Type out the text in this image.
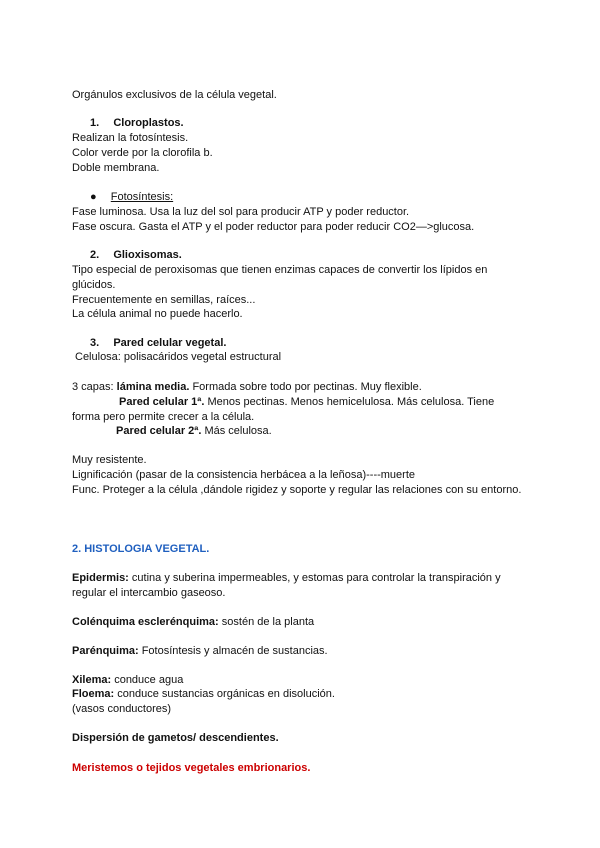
Orgánulos exclusivos de la célula vegetal.
1. Cloroplastos.
Realizan la fotosíntesis.
Color verde por la clorofila b.
Doble membrana.
● Fotosíntesis:
Fase luminosa. Usa la luz del sol para producir ATP y poder reductor.
Fase oscura. Gasta el ATP y el poder reductor para poder reducir CO2—>glucosa.
2. Glioxisomas.
Tipo especial de peroxisomas que tienen enzimas capaces de convertir los lípidos en
glúcidos.
Frecuentemente en semillas, raíces...
La célula animal no puede hacerlo.
3. Pared celular vegetal.
Celulosa: polisacáridos vegetal estructural
3 capas: lámina media. Formada sobre todo por pectinas. Muy flexible.
Pared celular 1ª. Menos pectinas. Menos hemicelulosa. Más celulosa. Tiene
forma pero permite crecer a la célula.
Pared celular 2ª. Más celulosa.
Muy resistente.
Lignificación (pasar de la consistencia herbácea a la leñosa)----muerte
Func. Proteger a la célula ,dándole rigidez y soporte y regular las relaciones con su entorno.
2. HISTOLOGIA VEGETAL.
Epidermis: cutina y suberina impermeables, y estomas para controlar la transpiración y
regular el intercambio gaseoso.
Colénquima esclerénquima: sostén de la planta
Parénquima: Fotosíntesis y almacén de sustancias.
Xilema: conduce agua
Floema: conduce sustancias orgánicas en disolución.
(vasos conductores)
Dispersión de gametos/ descendientes.
Meristemos o tejidos vegetales embrionarios.
